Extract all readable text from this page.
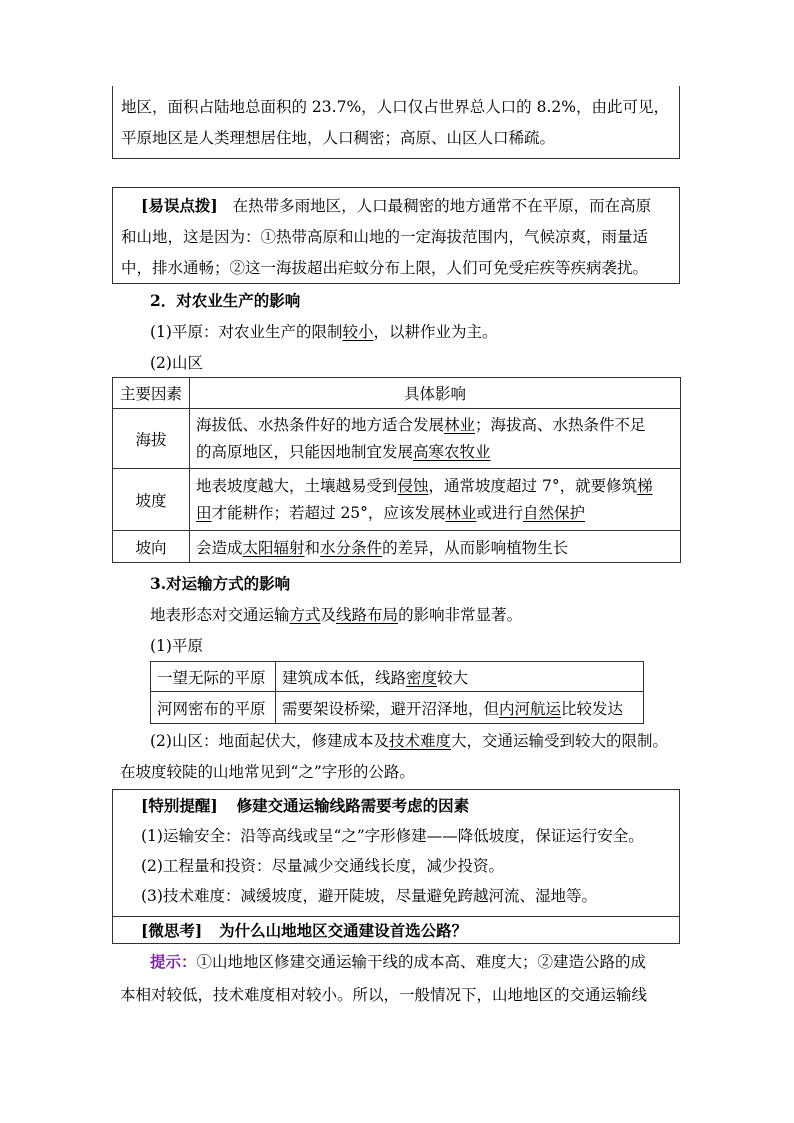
地区，面积占陆地总面积的 23.7%，人口仅占世界总人口的 8.2%，由此可见，
平原地区是人类理想居住地，人口稠密；高原、山区人口稀疏。
[易误点拨] 在热带多雨地区，人口最稠密的地方通常不在平原，而在高原
和山地，这是因为：①热带高原和山地的一定海拔范围内，气候凉爽，雨量适
中，排水通畅；②这一海拔超出疟蚊分布上限，人们可免受疟疾等疾病袭扰。
2．对农业生产的影响
(1)平原：对农业生产的限制较小，以耕作业为主。
(2)山区
主要因素	具体影响
海拔	海拔低、水热条件好的地方适合发展林业；海拔高、水热条件不足
的高原地区，只能因地制宜发展高寒农牧业
坡度	地表坡度越大，土壤越易受到侵蚀，通常坡度超过 7°，就要修筑梯
田才能耕作；若超过 25°，应该发展林业或进行自然保护
坡向	会造成太阳辐射和水分条件的差异，从而影响植物生长
3.对运输方式的影响
地表形态对交通运输方式及线路布局的影响非常显著。
(1)平原
一望无际的平原	建筑成本低，线路密度较大
河网密布的平原	需要架设桥梁，避开沼泽地，但内河航运比较发达
(2)山区：地面起伏大，修建成本及技术难度大，交通运输受到较大的限制。
在坡度较陡的山地常见到“之”字形的公路。
[特别提醒] 修建交通运输线路需要考虑的因素
(1)运输安全：沿等高线或呈“之”字形修建——降低坡度，保证运行安全。
(2)工程量和投资：尽量减少交通线长度，减少投资。
(3)技术难度：减缓坡度，避开陡坡，尽量避免跨越河流、湿地等。
[微思考] 为什么山地地区交通建设首选公路？
提示：①山地地区修建交通运输干线的成本高、难度大；②建造公路的成
本相对较低，技术难度相对较小。所以，一般情况下，山地地区的交通运输线
